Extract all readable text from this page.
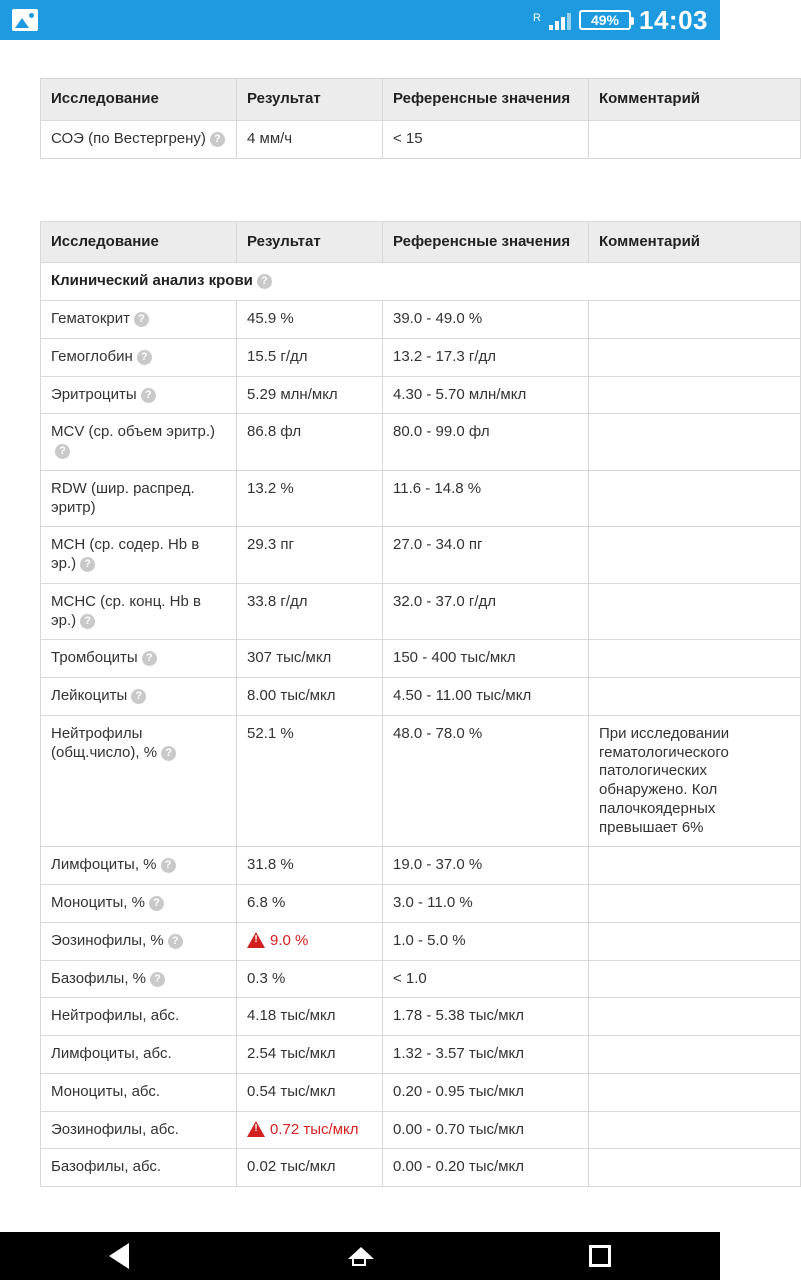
R	49% 14:03
Исследование	Результат	Референсные значения	Комментарий
СОЭ (по Вестергрену) ?	4 мм/ч	< 15	
Исследование	Результат	Референсные значения	Комментарий
Клинический анализ крови ?			
Гематокрит ?	45.9 %	39.0 - 49.0 %	
Гемоглобин ?	15.5 г/дл	13.2 - 17.3 г/дл	
Эритроциты ?	5.29 млн/мкл	4.30 - 5.70 млн/мкл	
MCV (ср. объем эритр.)?	86.8 фл	80.0 - 99.0 фл	
RDW (шир. распред. эритр)	13.2 %	11.6 - 14.8 %	
MCH (ср. содер. Hb в эр.) ?	29.3 пг	27.0 - 34.0 пг	
MCHC (ср. конц. Hb в эр.) ?	33.8 г/дл	32.0 - 37.0 г/дл	
Тромбоциты ?	307 тыс/мкл	150 - 400 тыс/мкл	
Лейкоциты ?	8.00 тыс/мкл	4.50 - 11.00 тыс/мкл	
Нейтрофилы (общ.число), % ?	52.1 %	48.0 - 78.0 %	При исследовании гематологического патологических обнаружено. Кол палочкоядерных превышает 6%
Лимфоциты, % ?	31.8 %	19.0 - 37.0 %	
Моноциты, % ?	6.8 %	3.0 - 11.0 %	
Эозинофилы, % ?	!9.0 %	1.0 - 5.0 %	
Базофилы, % ?	0.3 %	< 1.0	
Нейтрофилы, абс.	4.18 тыс/мкл	1.78 - 5.38 тыс/мкл	
Лимфоциты, абс.	2.54 тыс/мкл	1.32 - 3.57 тыс/мкл	
Моноциты, абс.	0.54 тыс/мкл	0.20 - 0.95 тыс/мкл	
Эозинофилы, абс.	!0.72 тыс/мкл	0.00 - 0.70 тыс/мкл	
Базофилы, абс.	0.02 тыс/мкл	0.00 - 0.20 тыс/мкл	
